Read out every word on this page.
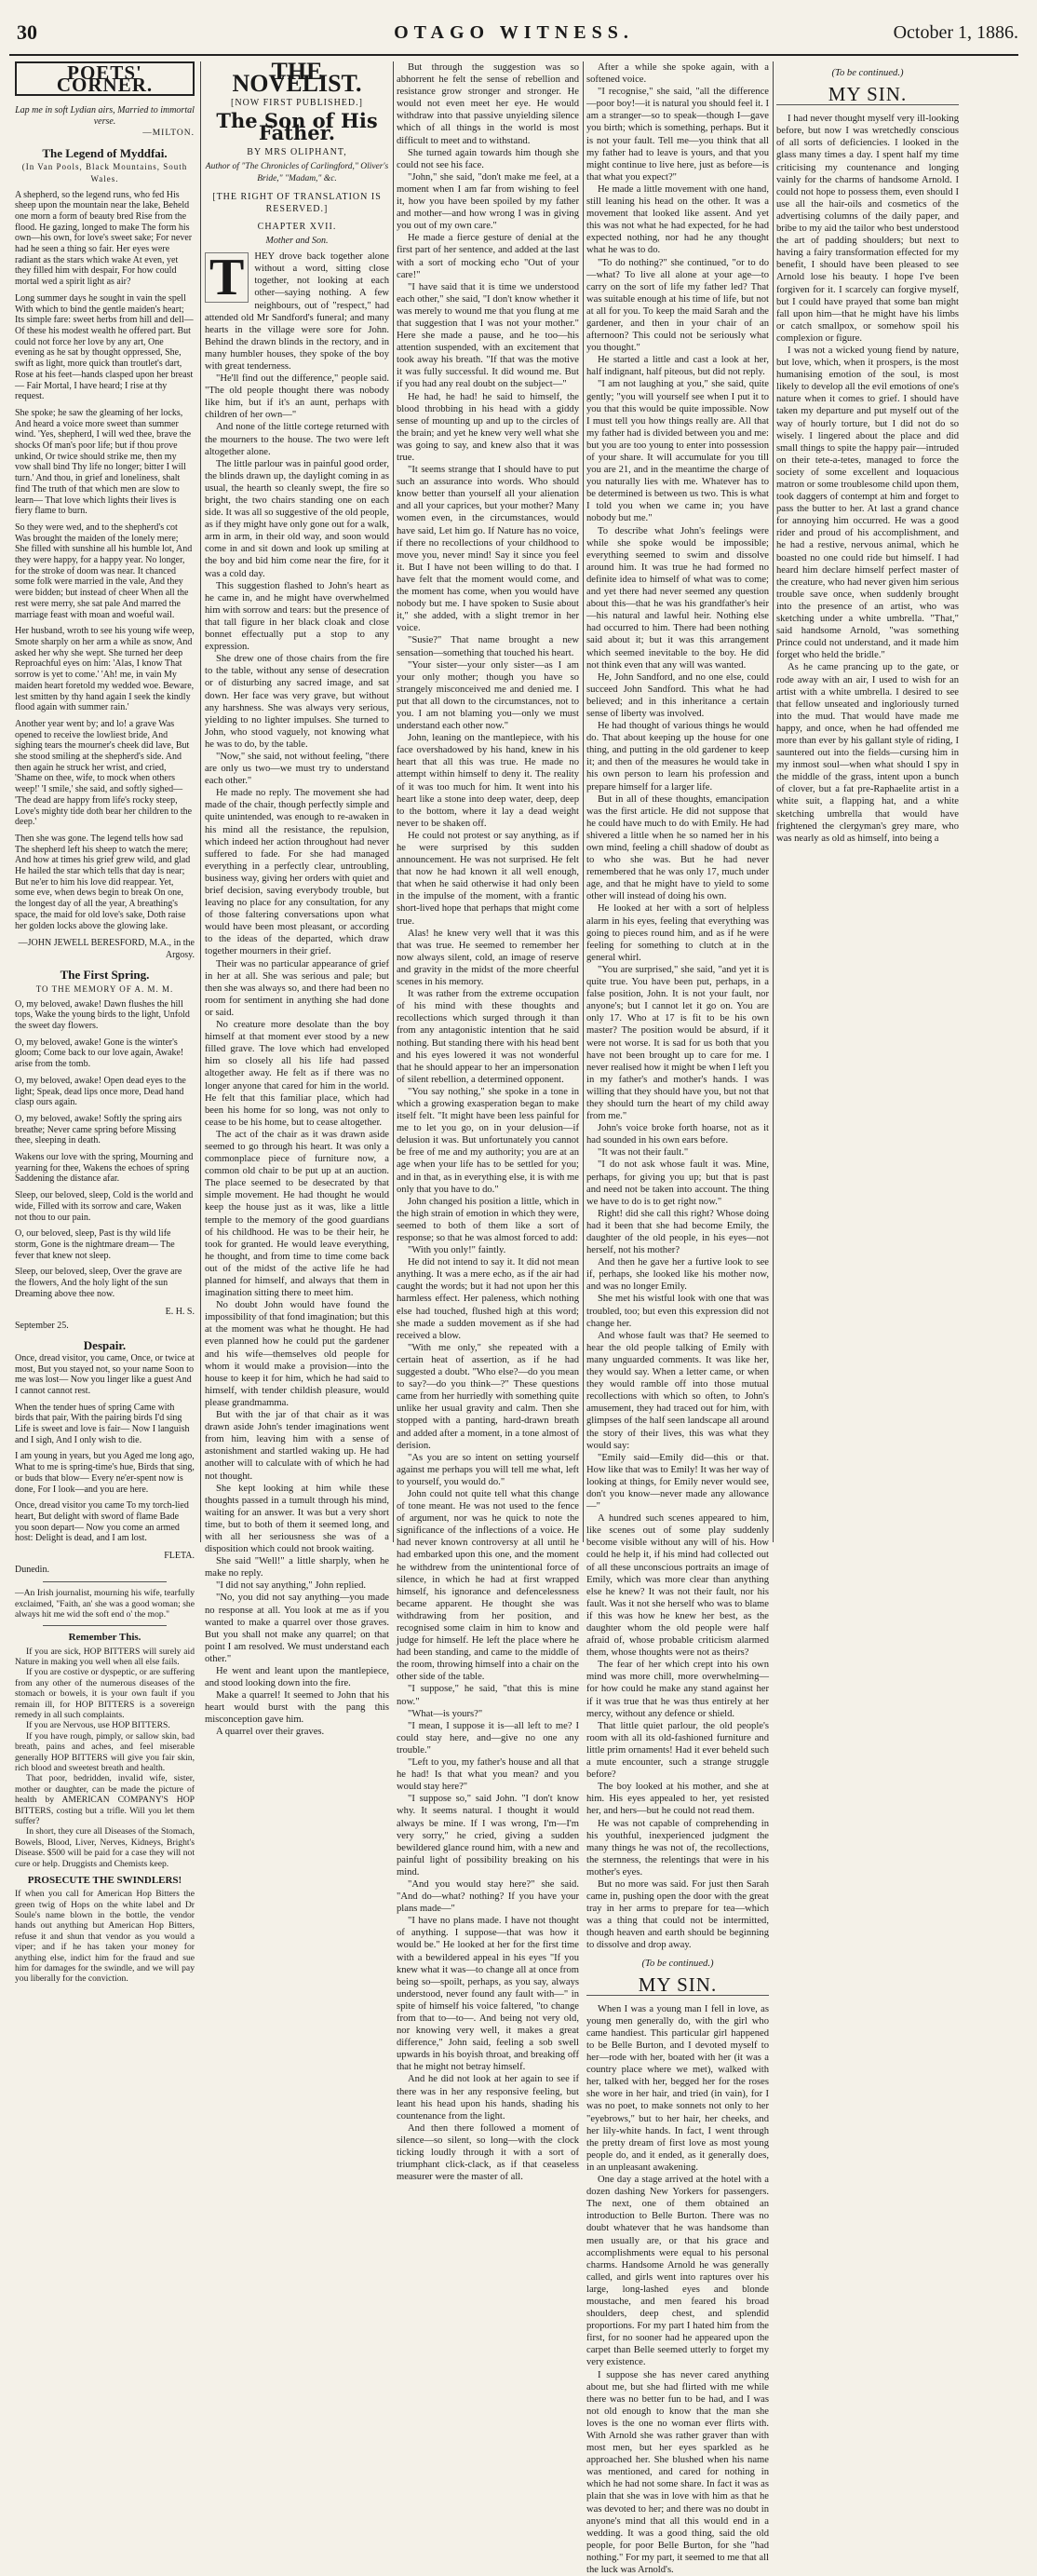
30	OTAGO WITNESS.	October 1, 1886.
POETS' CORNER.
Lap me in soft Lydian airs, Married to immortal verse.
—MILTON.
The Legend of Myddfai.
(In Van Pools, Black Mountains, South Wales.

A shepherd, so the legend runs, who fed His sheep upon the mountain near the lake, Beheld one morn a form of beauty bred Rise from the flood. He gazing, longed to make The form his own—his own, for love's sweet sake; For never had he seen a thing so fair. Her eyes were radiant as the stars which wake At even, yet they filled him with despair, For how could mortal wed a spirit light as air?

Long summer days he sought in vain the spell With which to bind the gentle maiden's heart; Its simple fare: sweet herbs from hill and dell— Of these his modest wealth he offered part. But could not force her love by any art, One evening as he sat by thought oppressed, She, swift as light, more quick than troutlet's dart, Rose at his feet—hands clasped upon her breast— Fair Mortal, I have heard; I rise at thy request.

She spoke; he saw the gleaming of her locks, And heard a voice more sweet than summer wind. 'Yes, shepherd, I will wed thee, brave the shocks Of man's poor life; but if thou prove unkind, Or twice should strike me, then my vow shall bind Thy life no longer; bitter I will turn.' And thou, in grief and loneliness, shalt find The truth of that which men are slow to learn— That love which lights their lives is fiery flame to burn.

So they were wed, and to the shepherd's cot Was brought the maiden of the lonely mere; She filled with sunshine all his humble lot, And they were happy, for a happy year. No longer, for the stroke of doom was near. It chanced some folk were married in the vale, And they were bidden; but instead of cheer When all the rest were merry, she sat pale And marred the marriage feast with moan and woeful wail.

Her husband, wroth to see his young wife weep, Smote sharply on her arm a while as snow, And asked her why she wept. She turned her deep Reproachful eyes on him: 'Alas, I know That sorrow is yet to come.' 'Ah! me, in vain My maiden heart foretold my wedded woe. Beware, lest smitten by thy hand again I seek the kindly flood again with summer rain.'

Another year went by; and lo! a grave Was opened to receive the lowliest bride, And sighing tears the mourner's cheek did lave, But she stood smiling at the shepherd's side. And then again he struck her wrist, and cried, 'Shame on thee, wife, to mock when others weep!' 'I smile,' she said, and softly sighed— 'The dead are happy from life's rocky steep, Love's mighty tide doth bear her children to the deep.'

Then she was gone. The legend tells how sad The shepherd left his sheep to watch the mere; And how at times his grief grew wild, and glad He hailed the star which tells that day is near; But ne'er to him his love did reappear. Yet, some eve, when dews begin to break On one, the longest day of all the year, A breathing's space, the maid for old love's sake, Doth raise her golden locks above the glowing lake.

—JOHN JEWELL BERESFORD, M.A., in the Argosy.
The First Spring.
TO THE MEMORY OF A. M. M.

O, my beloved, awake! Dawn flushes the hill tops, Wake the young birds to the light, Unfold the sweet day flowers.

O, my beloved, awake! Gone is the winter's gloom; Come back to our love again, Awake! arise from the tomb.

O, my beloved, awake! Open dead eyes to the light; Speak, dead lips once more, Dead hand clasp ours again.

O, my beloved, awake! Softly the spring airs breathe; Never came spring before Missing thee, sleeping in death.

Wakens our love with the spring, Mourning and yearning for thee, Wakens the echoes of spring Saddening the distance afar.

Sleep, our beloved, sleep, Cold is the world and wide, Filled with its sorrow and care, Waken not thou to our pain.

O, our beloved, sleep, Past is thy wild life storm, Gone is the nightmare dream— The fever that knew not sleep.

Sleep, our beloved, sleep, Over the grave are the flowers, And the holy light of the sun Dreaming above thee now.

E. H. S.
September 25.
Despair.

Once, dread visitor, you came, Once, or twice at most, But you stayed not, so your name Soon to me was lost— Now you linger like a guest And I cannot cannot rest.

When the tender hues of spring Came with birds that pair, With the pairing birds I'd sing Life is sweet and love is fair— Now I languish and I sigh, And I only wish to die.

I am young in years, but you Aged me long ago, What to me is spring-time's hue, Birds that sing, or buds that blow— Every ne'er-spent now is done, For I look—and you are here.

Once, dread visitor you came To my torch-lied heart, But delight with sword of flame Bade you soon depart— Now you come an armed host: Delight is dead, and I am lost.

FLETA.
Dunedin.
—An Irish journalist, mourning his wife, tearfully exclaimed, "Faith, an' she was a good woman; she always hit me wid the soft end o' the mop."
Remember This.

If you are sick, HOP BITTERS will surely aid Nature in making you well when all else fails.

If you are costive or dyspeptic, or are suffering from any other of the numerous diseases of the stomach or bowels, it is your own fault if you remain ill, for HOP BITTERS is a sovereign remedy in all such complaints.

If you are Nervous, use HOP BITTERS.

If you have rough, pimply, or sallow skin, bad breath, pains and aches, and feel miserable generally HOP BITTERS will give you fair skin, rich blood and sweetest breath and health.

That poor, bedridden, invalid wife, sister, mother or daughter, can be made the picture of health by AMERICAN COMPANY'S HOP BITTERS, costing but a trifle. Will you let them suffer?

In short, they cure all Diseases of the Stomach, Bowels, Blood, Liver, Nerves, Kidneys, Bright's Disease. $500 will be paid for a case they will not cure or help. Druggists and Chemists keep.

PROSECUTE THE SWINDLERS!
If when you call for American Hop Bitters the green twig of Hops on the white label and Dr Soule's name blown in the bottle, the vendor hands out anything but American Hop Bitters, refuse it and shun that vendor as you would a viper; and if he has taken your money for anything else, indict him for the fraud and sue him for damages for the swindle, and we will pay you liberally for the conviction.
THE NOVELIST.
[NOW FIRST PUBLISHED.]
The Son of His Father.
BY MRS OLIPHANT,
Author of "The Chronicles of Carlingford," Oliver's Bride," "Madam," &c.
[THE RIGHT OF TRANSLATION IS RESERVED.]
CHAPTER XVII.
Mother and Son.
T	HEY drove back together alone without a word, sitting close together, not looking at each other—saying nothing. A few neighbours, out of "respect," had attended old Mr Sandford's funeral; and many hearts in the village were sore for John. Behind the drawn blinds in the rectory, and in many humbler houses, they spoke of the boy with great tenderness.

"He'll find out the difference," people said. "The old people thought there was nobody like him, but if it's an aunt, perhaps with children of her own—"

And none of the little cortege returned with the mourners to the house. The two were left altogether alone.

The little parlour was in painful good order, the blinds drawn up, the daylight coming in as usual, the hearth so cleanly swept, the fire so bright, the two chairs standing one on each side. It was all so suggestive of the old people, as if they might have only gone out for a walk, arm in arm, in their old way, and soon would come in and sit down and look up smiling at the boy and bid him come near the fire, for it was a cold day.

This suggestion flashed to John's heart as he came in, and he might have overwhelmed him with sorrow and tears: but the presence of that tall figure in her black cloak and close bonnet effectually put a stop to any expression.

She drew one of those chairs from the fire to the table, without any sense of desecration or of disturbing any sacred image, and sat down. Her face was very grave, but without any harshness. She was always very serious, yielding to no lighter impulses. She turned to John, who stood vaguely, not knowing what he was to do, by the table.

"Now," she said, not without feeling, "there are only us two—we must try to understand each other."

He made no reply. The movement she had made of the chair, though perfectly simple and quite unintended, was enough to re-awaken in his mind all the resistance, the repulsion, which indeed her action throughout had never suffered to fade. For she had managed everything in a perfectly clear, untroubling, business way, giving her orders with quiet and brief decision, saving everybody trouble, but leaving no place for any consultation, for any of those faltering conversations upon what would have been most pleasant, or according to the ideas of the departed, which draw together mourners in their grief.

Their was no particular appearance of grief in her at all. She was serious and pale; but then she was always so, and there had been no room for sentiment in anything she had done or said.

No creature more desolate than the boy himself at that moment ever stood by a new filled grave. The love which had enveloped him so closely all his life had passed altogether away. He felt as if there was no longer anyone that cared for him in the world. He felt that this familiar place, which had been his home for so long, was not only to cease to be his home, but to cease altogether.

The act of the chair as it was drawn aside seemed to go through his heart. It was only a commonplace piece of furniture now, a common old chair to be put up at an auction. The place seemed to be desecrated by that simple movement. He had thought he would keep the house just as it was, like a little temple to the memory of the good guardians of his childhood. He was to be their heir, he took for granted. He would leave everything, he thought, and from time to time come back out of the midst of the active life he had planned for himself, and always that them in imagination sitting there to meet him.

No doubt John would have found the impossibility of that fond imagination; but this at the moment was what he thought. He had even planned how he could put the gardener and his wife—themselves old people for whom it would make a provision—into the house to keep it for him, which he had said to himself, with tender childish pleasure, would please grandmamma.

But with the jar of that chair as it was drawn aside John's tender imaginations went from him, leaving him with a sense of astonishment and startled waking up. He had another will to calculate with of which he had not thought.

She kept looking at him while these thoughts passed in a tumult through his mind, waiting for an answer. It was but a very short time, but to both of them it seemed long, and with all her seriousness she was of a disposition which could not brook waiting.

She said "Well!" a little sharply, when he make no reply.

"I did not say anything," John replied.

"No, you did not say anything—you made no response at all. You look at me as if you wanted to make a quarrel over those graves. But you shall not make any quarrel; on that point I am resolved. We must understand each other."

He went and leant upon the mantlepiece, and stood looking down into the fire.

Make a quarrel! It seemed to John that his heart would burst with the pang this misconception gave him.

A quarrel over their graves.

But through the suggestion was so abhorrent he felt the sense of rebellion and resistance grow stronger and stronger. He would not even meet her eye. He would withdraw into that passive unyielding silence which of all things in the world is most difficult to meet and to withstand.

She turned again towards him though she could not see his face.

"John," she said, "don't make me feel, at a moment when I am far from wishing to feel it, how you have been spoiled by my father and mother—and how wrong I was in giving you out of my own care."

He made a fierce gesture of denial at the first part of her sentence, and added at the last with a sort of mocking echo "Out of your care!"

"I have said that it is time we understood each other," she said, "I don't know whether it was merely to wound me that you flung at me that suggestion that I was not your mother." Here she made a pause, and he too—his attention suspended, with an excitement that took away his breath. "If that was the motive it was fully successful. It did wound me. But if you had any real doubt on the subject—"

He had, he had! he said to himself, the blood throbbing in his head with a giddy sense of mounting up and up to the circles of the brain; and yet he knew very well what she was going to say, and knew also that it was true.

"It seems strange that I should have to put such an assurance into words. Who should know better than yourself all your alienation and all your caprices, but your mother? Many women even, in the circumstances, would have said, Let him go. If Nature has no voice, if there no recollections of your childhood to move you, never mind! Say it since you feel it. But I have not been willing to do that. I have felt that the moment would come, and the moment has come, when you would have nobody but me. I have spoken to Susie about it," she added, with a slight tremor in her voice.

"Susie?" That name brought a new sensation—something that touched his heart.

"Your sister—your only sister—as I am your only mother; though you have so strangely misconceived me and denied me. I put that all down to the circumstances, not to you. I am not blaming you—only we must understand each other now."

John, leaning on the mantlepiece, with his face overshadowed by his hand, knew in his heart that all this was true. He made no attempt within himself to deny it. The reality of it was too much for him. It went into his heart like a stone into deep water, deep, deep to the bottom, where it lay a dead weight never to be shaken off.

He could not protest or say anything, as if he were surprised by this sudden announcement. He was not surprised. He felt that now he had known it all well enough, that when he said otherwise it had only been in the impulse of the moment, with a frantic short-lived hope that perhaps that might come true.

Alas! he knew very well that it was this that was true. He seemed to remember her now always silent, cold, an image of reserve and gravity in the midst of the more cheerful scenes in his memory.

It was rather from the extreme occupation of his mind with these thoughts and recollections which surged through it than from any antagonistic intention that he said nothing. But standing there with his head bent and his eyes lowered it was not wonderful that he should appear to her an impersonation of silent rebellion, a determined opponent.

"You say nothing," she spoke in a tone in which a growing exasperation began to make itself felt. "It might have been less painful for me to let you go, on in your delusion—if delusion it was. But unfortunately you cannot be free of me and my authority; you are at an age when your life has to be settled for you; and in that, as in everything else, it is with me only that you have to do."

John changed his position a little, which in the high strain of emotion in which they were, seemed to both of them like a sort of response; so that he was almost forced to add:

"With you only!" faintly.

He did not intend to say it. It did not mean anything. It was a mere echo, as if the air had caught the words; but it had not upon her this harmless effect. Her paleness, which nothing else had touched, flushed high at this word; she made a sudden movement as if she had received a blow.

"With me only," she repeated with a certain heat of assertion, as if he had suggested a doubt. "Who else?—do you mean to say?—do you think—?" These questions came from her hurriedly with something quite unlike her usual gravity and calm. Then she stopped with a panting, hard-drawn breath and added after a moment, in a tone almost of derision.

"As you are so intent on setting yourself against me perhaps you will tell me what, left to yourself, you would do."

John could not quite tell what this change of tone meant. He was not used to the fence of argument, nor was he quick to note the significance of the inflections of a voice. He had never known controversy at all until he had embarked upon this one, and the moment he withdrew from the unintentional force of silence, in which he had at first wrapped himself, his ignorance and defencelessness became apparent. He thought she was withdrawing from her position, and recognised some claim in him to know and judge for himself. He left the place where he had been standing, and came to the middle of the room, throwing himself into a chair on the other side of the table.

"I suppose," he said, "that this is mine now."

"What—is yours?"

"I mean, I suppose it is—all left to me? I could stay here, and—give no one any trouble."

"Left to you, my father's house and all that he had! Is that what you mean? and you would stay here?"

"I suppose so," said John. "I don't know why. It seems natural. I thought it would always be mine. If I was wrong, I'm—I'm very sorry," he cried, giving a sudden bewildered glance round him, with a new and painful light of possibility breaking on his mind.

"And you would stay here?" she said. "And do—what? nothing? If you have your plans made—"

"I have no plans made. I have not thought of anything. I suppose—that was how it would be." He looked at her for the first time with a bewildered appeal in his eyes "If you knew what it was—to change all at once from being so—spoilt, perhaps, as you say, always understood, never found any fault with—" in spite of himself his voice faltered, "to change from that to—to—. And being not very old, nor knowing very well, it makes a great difference," John said, feeling a sob swell upwards in his boyish throat, and breaking off that he might not betray himself.

And he did not look at her again to see if there was in her any responsive feeling, but leant his head upon his hands, shading his countenance from the light.

And then there followed a moment of silence—so silent, so long—with the clock ticking loudly through it with a sort of triumphant click-clack, as if that ceaseless measurer were the master of all.

After a while she spoke again, with a softened voice.

"I recognise," she said, "all the difference—poor boy!—it is natural you should feel it. I am a stranger—so to speak—though I—gave you birth; which is something, perhaps. But it is not your fault. Tell me—you think that all my father had to leave is yours, and that you might continue to live here, just as before—is that what you expect?"

He made a little movement with one hand, still leaning his head on the other. It was a movement that looked like assent. And yet this was not what he had expected, for he had expected nothing, nor had he any thought what he was to do.

"To do nothing?" she continued, "or to do—what? To live all alone at your age—to carry on the sort of life my father led? That was suitable enough at his time of life, but not at all for you. To keep the maid Sarah and the gardener, and then in your chair of an afternoon? This could not be seriously what you thought."

He started a little and cast a look at her, half indignant, half piteous, but did not reply.

"I am not laughing at you," she said, quite gently; "you will yourself see when I put it to you that this would be quite impossible. Now I must tell you how things really are. All that my father had is divided between you and me: but you are too young to enter into possession of your share. It will accumulate for you till you are 21, and in the meantime the charge of you naturally lies with me. Whatever has to be determined is between us two. This is what I told you when we came in; you have nobody but me."

To describe what John's feelings were while she spoke would be impossible; everything seemed to swim and dissolve around him. It was true he had formed no definite idea to himself of what was to come; and yet there had never seemed any question about this—that he was his grandfather's heir—his natural and lawful heir. Nothing else had occurred to him. There had been nothing said about it; but it was this arrangement which seemed inevitable to the boy. He did not think even that any will was wanted.

He, John Sandford, and no one else, could succeed John Sandford. This what he had believed; and in this inheritance a certain sense of liberty was involved.

He had thought of various things he would do. That about keeping up the house for one thing, and putting in the old gardener to keep it; and then of the measures he would take in his own person to learn his profession and prepare himself for a larger life.

But in all of these thoughts, emancipation was the first article. He did not suppose that he could have much to do with Emily. He had shivered a little when he so named her in his own mind, feeling a chill shadow of doubt as to who she was. But he had never remembered that he was only 17, much under age, and that he might have to yield to some other will instead of doing his own.

He looked at her with a sort of helpless alarm in his eyes, feeling that everything was going to pieces round him, and as if he were feeling for something to clutch at in the general whirl.

"You are surprised," she said, "and yet it is quite true. You have been put, perhaps, in a false position, John. It is not your fault, nor anyone's; but I cannot let it go on. You are only 17. Who at 17 is fit to be his own master? The position would be absurd, if it were not worse. It is sad for us both that you have not been brought up to care for me. I never realised how it might be when I left you in my father's and mother's hands. I was willing that they should have you, but not that they should turn the heart of my child away from me."

John's voice broke forth hoarse, not as it had sounded in his own ears before.

"It was not their fault."

"I do not ask whose fault it was. Mine, perhaps, for giving you up; but that is past and need not be taken into account. The thing we have to do is to get right now."

Right! did she call this right? Whose doing had it been that she had become Emily, the daughter of the old people, in his eyes—not herself, not his mother?

And then he gave her a furtive look to see if, perhaps, she looked like his mother now, and was no longer Emily.

She met his wistful look with one that was troubled, too; but even this expression did not change her.

And whose fault was that? He seemed to hear the old people talking of Emily with many unguarded comments. It was like her, they would say. When a letter came, or when they would ramble off into those mutual recollections with which so often, to John's amusement, they had traced out for him, with glimpses of the half seen landscape all around the story of their lives, this was what they would say:

"Emily said—Emily did—this or that. How like that was to Emily! It was her way of looking at things, for Emily never would see, don't you know—never made any allowance—"

A hundred such scenes appeared to him, like scenes out of some play suddenly become visible without any will of his. How could he help it, if his mind had collected out of all these unconscious portraits an image of Emily, which was more clear than anything else he knew? It was not their fault, nor his fault. Was it not she herself who was to blame if this was how he knew her best, as the daughter whom the old people were half afraid of, whose probable criticism alarmed them, whose thoughts were not as theirs?

The fear of her which crept into his own mind was more chill, more overwhelming—for how could he make any stand against her if it was true that he was thus entirely at her mercy, without any defence or shield.

That little quiet parlour, the old people's room with all its old-fashioned furniture and little prim ornaments! Had it ever beheld such a mute encounter, such a strange struggle before?

The boy looked at his mother, and she at him. His eyes appealed to her, yet resisted her, and hers—but he could not read them.

He was not capable of comprehending in his youthful, inexperienced judgment the many things he was not of, the recollections, the sternness, the relentings that were in his mother's eyes.

But no more was said. For just then Sarah came in, pushing open the door with the great tray in her arms to prepare for tea—which was a thing that could not be intermitted, though heaven and earth should be beginning to dissolve and drop away.

(To be continued.)
MY SIN.

When I was a young man I fell in love, as young men generally do, with the girl who came handiest. This particular girl happened to be Belle Burton, and I devoted myself to her—rode with her, boated with her (it was a country place where we met), walked with her, talked with her, begged her for the roses she wore in her hair, and tried (in vain), for I was no poet, to make sonnets not only to her "eyebrows," but to her hair, her cheeks, and her lily-white hands. In fact, I went through the pretty dream of first love as most young people do, and it ended, as it generally does, in an unpleasant awakening.

One day a stage arrived at the hotel with a dozen dashing New Yorkers for passengers. The next, one of them obtained an introduction to Belle Burton. There was no doubt whatever that he was handsome than men usually are, or that his grace and accomplishments were equal to his personal charms. Handsome Arnold he was generally called, and girls went into raptures over his large, long-lashed eyes and blonde moustache, and men feared his broad shoulders, deep chest, and splendid proportions. For my part I hated him from the first, for no sooner had he appeared upon the carpet than Belle seemed utterly to forget my very existence.

I suppose she has never cared anything about me, but she had flirted with me while there was no better fun to be had, and I was not old enough to know that the man she loves is the one no woman ever flirts with. With Arnold she was rather graver than with most men, but her eyes sparkled as he approached her. She blushed when his name was mentioned, and cared for nothing in which he had not some share. In fact it was as plain that she was in love with him as that he was devoted to her; and there was no doubt in anyone's mind that all this would end in a wedding. It was a good thing, said the old people, for poor Belle Burton, for she "had nothing." For my part, it seemed to me that all the luck was Arnold's.

(To be continued.)
MY SIN.

I had never thought myself very ill-looking before, but now I was wretchedly conscious of all sorts of deficiencies. I looked in the glass many times a day. I spent half my time criticising my countenance and longing vainly for the charms of handsome Arnold. I could not hope to possess them, even should I use all the hair-oils and cosmetics of the advertising columns of the daily paper, and bribe to my aid the tailor who best understood the art of padding shoulders; but next to having a fairy transformation effected for my benefit, I should have been pleased to see Arnold lose his beauty. I hope I've been forgiven for it. I scarcely can forgive myself, but I could have prayed that some ban might fall upon him—that he might have his limbs or catch smallpox, or somehow spoil his complexion or figure.

I was not a wicked young fiend by nature, but love, which, when it prospers, is the most humanising emotion of the soul, is most likely to develop all the evil emotions of one's nature when it comes to grief. I should have taken my departure and put myself out of the way of hourly torture, but I did not do so wisely. I lingered about the place and did small things to spite the happy pair—intruded on their tete-a-tetes, managed to force the society of some excellent and loquacious matron or some troublesome child upon them, took daggers of contempt at him and forget to pass the butter to her. At last a grand chance for annoying him occurred. He was a good rider and proud of his accomplishment, and he had a restive, nervous animal, which he boasted no one could ride but himself. I had heard him declare himself perfect master of the creature, who had never given him serious trouble save once, when suddenly brought into the presence of an artist, who was sketching under a white umbrella. "That," said handsome Arnold, "was something Prince could not understand, and it made him forget who held the bridle."

As he came prancing up to the gate, or rode away with an air, I used to wish for an artist with a white umbrella. I desired to see that fellow unseated and ingloriously turned into the mud. That would have made me happy, and once, when he had offended me more than ever by his gallant style of riding, I sauntered out into the fields—cursing him in my inmost soul—when what should I spy in the middle of the grass, intent upon a bunch of clover, but a fat pre-Raphaelite artist in a white suit, a flapping hat, and a white sketching umbrella that would have frightened the clergyman's grey mare, who was nearly as old as himself, into being a
